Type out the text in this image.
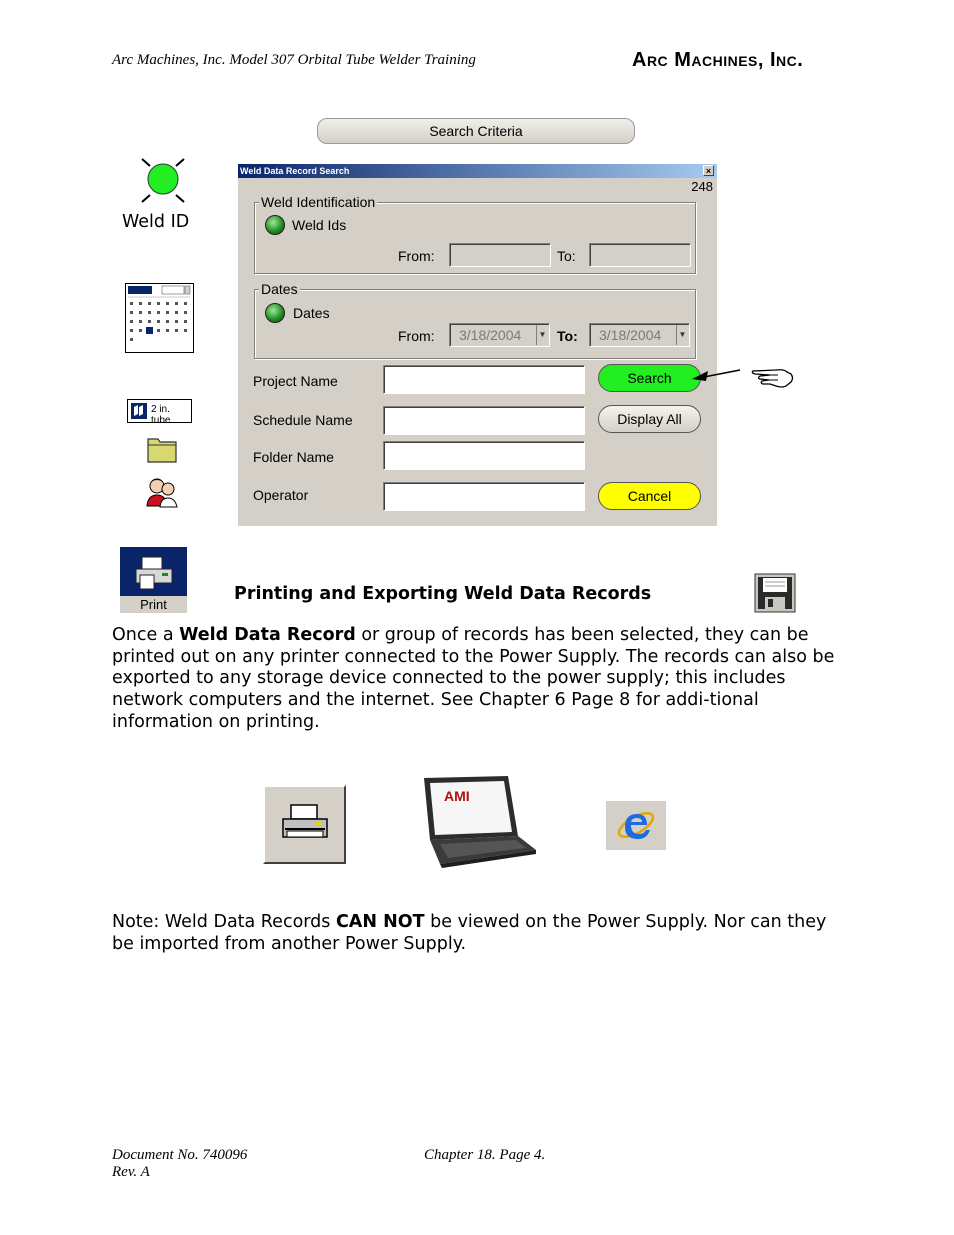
Arc Machines, Inc. Model 307 Orbital Tube Welder Training	Arc Machines, Inc.
Search Criteria
Weld ID
2 in. tube
Weld Data Record Search	×
248
Weld Identification
Weld Ids
From:	To:
Dates
Dates
From:	3/18/2004	▼ To:	3/18/2004	▼
Project Name
Schedule Name
Folder Name
Operator
Search
Display All
Cancel
Print
Printing and Exporting Weld Data Records
Once a Weld Data Record or group of records has been selected, they can be printed out on any printer connected to the Power Supply. The records can also be exported to any storage device connected to the power supply; this includes network computers and the internet. See Chapter 6 Page 8 for addi-tional information on printing.
AMI
Note: Weld Data Records CAN NOT be viewed on the Power Supply. Nor can they be imported from another Power Supply.
Document No. 740096
Rev. A
Chapter 18. Page 4.
